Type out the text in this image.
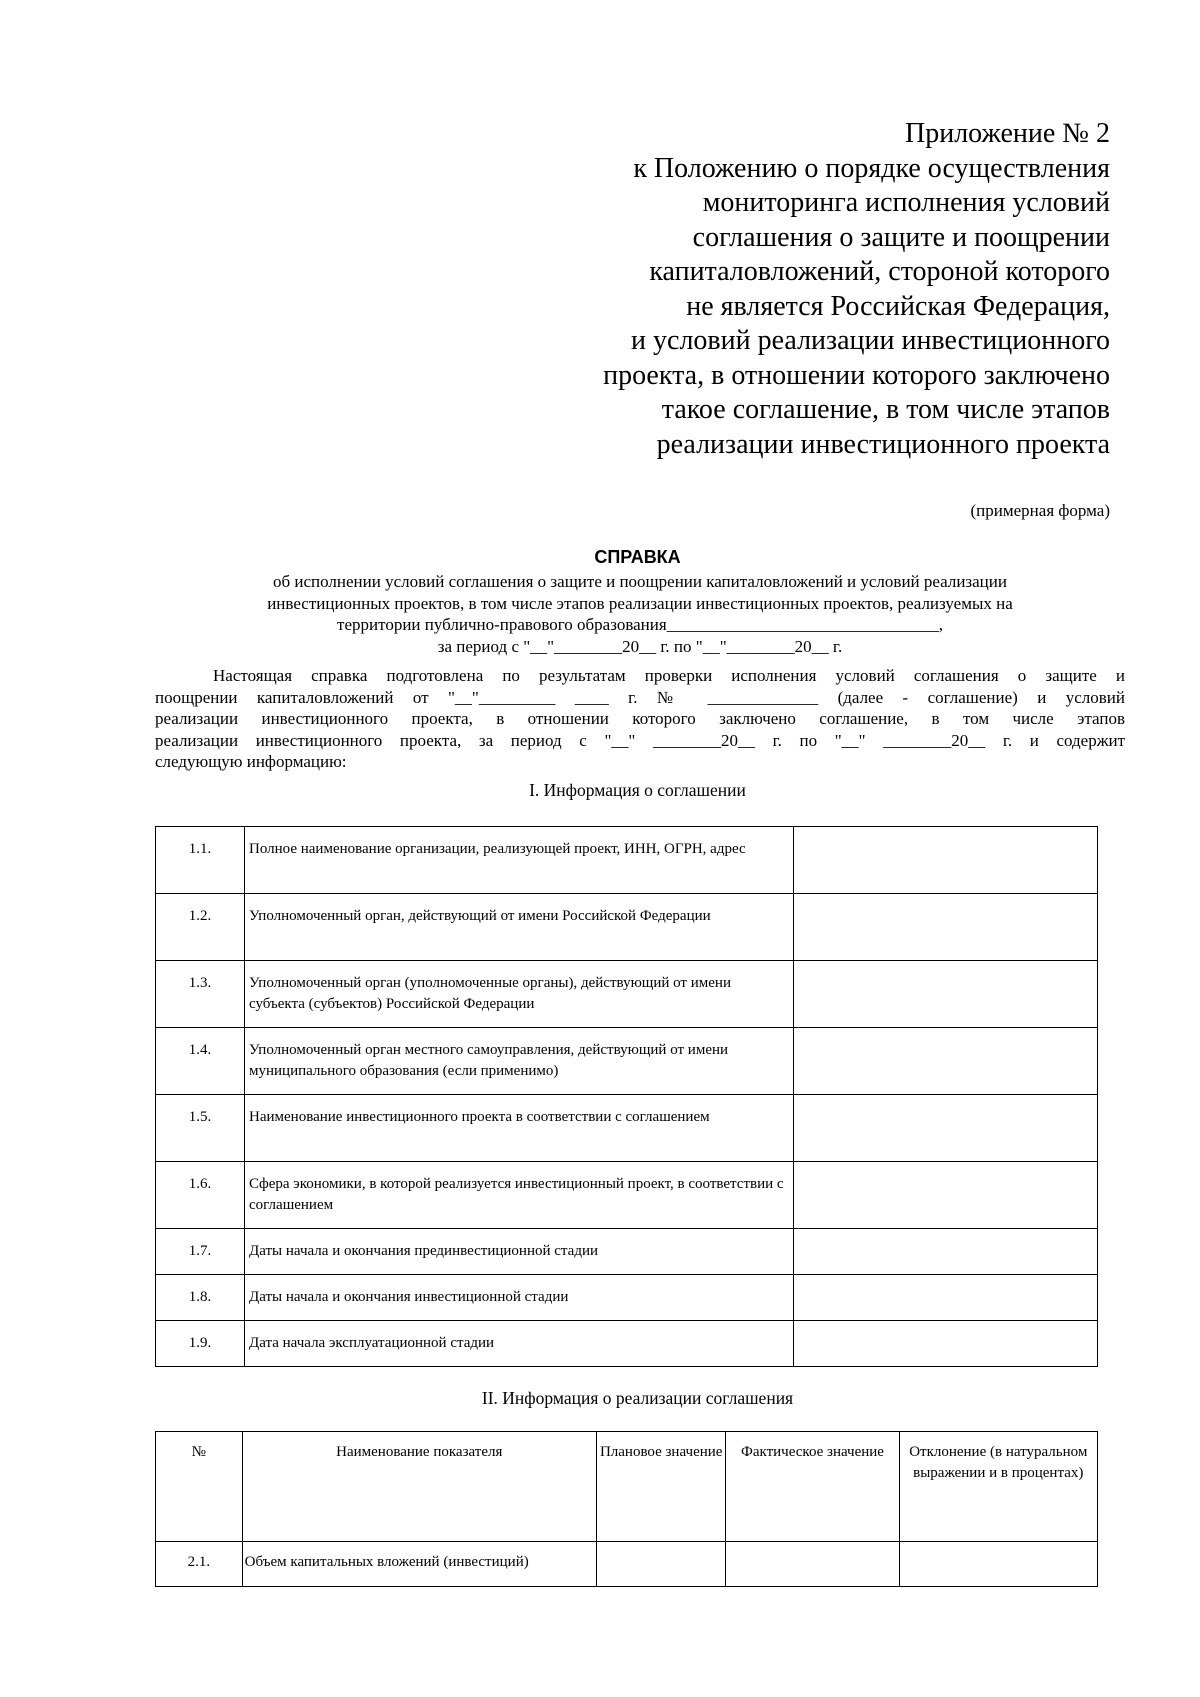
Приложение № 2
к Положению о порядке осуществления
мониторинга исполнения условий
соглашения о защите и поощрении
капиталовложений, стороной которого
не является Российская Федерация,
и условий реализации инвестиционного
проекта, в отношении которого заключено
такое соглашение, в том числе этапов
реализации инвестиционного проекта
(примерная форма)
СПРАВКА
об исполнении условий соглашения о защите и поощрении капиталовложений и условий реализации
инвестиционных проектов, в том числе этапов реализации инвестиционных проектов, реализуемых на
территории публично-правового образования________________________________,
за период с "__"________20__ г. по "__"________20__ г.
Настоящая справка подготовлена по результатам проверки исполнения условий соглашения о защите и
поощрении капиталовложений от "__"_________ ____ г. № _____________ (далее - соглашение) и условий
реализации инвестиционного проекта, в отношении которого заключено соглашение, в том числе этапов
реализации инвестиционного проекта, за период с "__" ________20__ г. по "__" ________20__ г. и содержит
следующую информацию:
I. Информация о соглашении
1.1.	Полное наименование организации, реализующей проект, ИНН, ОГРН, адрес	
1.2.	Уполномоченный орган, действующий от имени Российской Федерации	
1.3.	Уполномоченный орган (уполномоченные органы), действующий от имени субъекта (субъектов) Российской Федерации	
1.4.	Уполномоченный орган местного самоуправления, действующий от имени муниципального образования (если применимо)	
1.5.	Наименование инвестиционного проекта в соответствии с соглашением	
1.6.	Сфера экономики, в которой реализуется инвестиционный проект, в соответствии с соглашением	
1.7.	Даты начала и окончания прединвестиционной стадии	
1.8.	Даты начала и окончания инвестиционной стадии	
1.9.	Дата начала эксплуатационной стадии	
II. Информация о реализации соглашения
№	Наименование показателя	Плановое значение	Фактическое значение	Отклонение (в натуральном выражении и в процентах)
2.1.	Объем капитальных вложений (инвестиций)			
